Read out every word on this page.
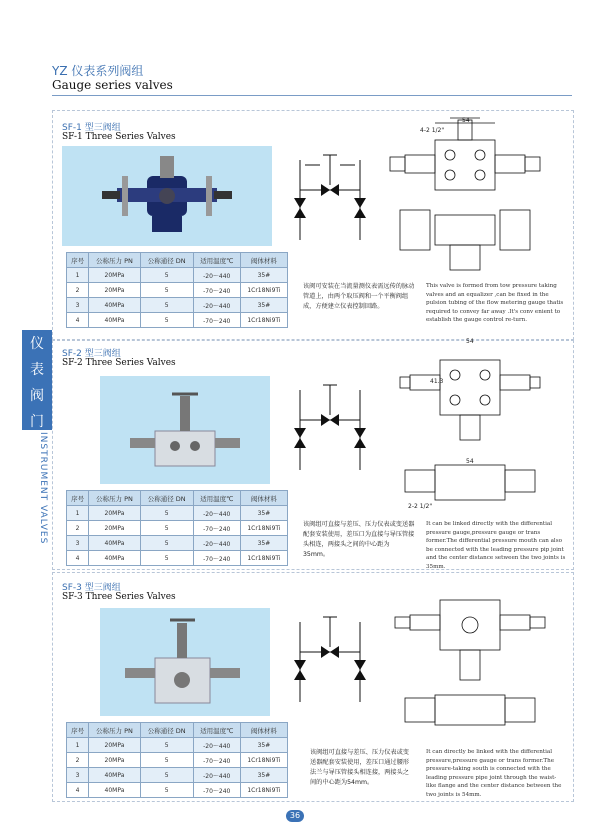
YZ 仪表系列阀组
Gauge series valves
仪
表
阀
门
INSTRUMENT VALVES
SF-1 型三阀组
SF-1 Three Series Valves
序号	公称压力 PN	公称通径 DN	适用温度℃	阀体材料
1	20MPa	5	-20～440	35#
2	20MPa	5	-70～240	1Cr18Ni9Ti
3	40MPa	5	-20～440	35#
4	40MPa	5	-70～240	1Cr18Ni9Ti
54
4-2 1/2"
该阀可安装在当流量测仪表需远传的脉动管道上，由两个取压阀和一个平衡阀组成，方便建立仪表控制回路。
This valve is formed from tow pressure taking valves and an equalizer ,can be fixed in the pulsion tubing of the flow metering gauge thatis required to convey far away .It's conv enient to establish the gauge control re-turn.
SF-2 型三阀组
SF-2 Three Series Valves
序号	公称压力 PN	公称通径 DN	适用温度℃	阀体材料
1	20MPa	5	-20～440	35#
2	20MPa	5	-70～240	1Cr18Ni9Ti
3	40MPa	5	-20～440	35#
4	40MPa	5	-70～240	1Cr18Ni9Ti
54
41.3
54
2-2 1/2"
该阀组可直接与差压、压力仪表或变送器配套安装使用，差压口为直接与导压管接头相连，两接头之间的中心距为35mm。
It can be linked directly with the differential pressure gauge,pressure gauge or trans former.The differential pressure mouth can also be connected with the leading pressure pip joint and the center distance setween the two joints is 35mm.
SF-3 型三阀组
SF-3 Three Series Valves
序号	公称压力 PN	公称通径 DN	适用温度℃	阀体材料
1	20MPa	5	-20～440	35#
2	20MPa	5	-70～240	1Cr18Ni9Ti
3	40MPa	5	-20～440	35#
4	40MPa	5	-70～240	1Cr18Ni9Ti
该阀组可直接与差压、压力仪表或变送器配套安装使用，差压口通过腰形法兰与导压管接头相连接，两接头之间的中心距为54mm。
It can directly be linked with the differential pressure,pressure gauge or trans former.The pressure-taking south is connected with the leading pressure pipe joint through the waist-like flange and the center distance between the two joints is 54mm.
36
